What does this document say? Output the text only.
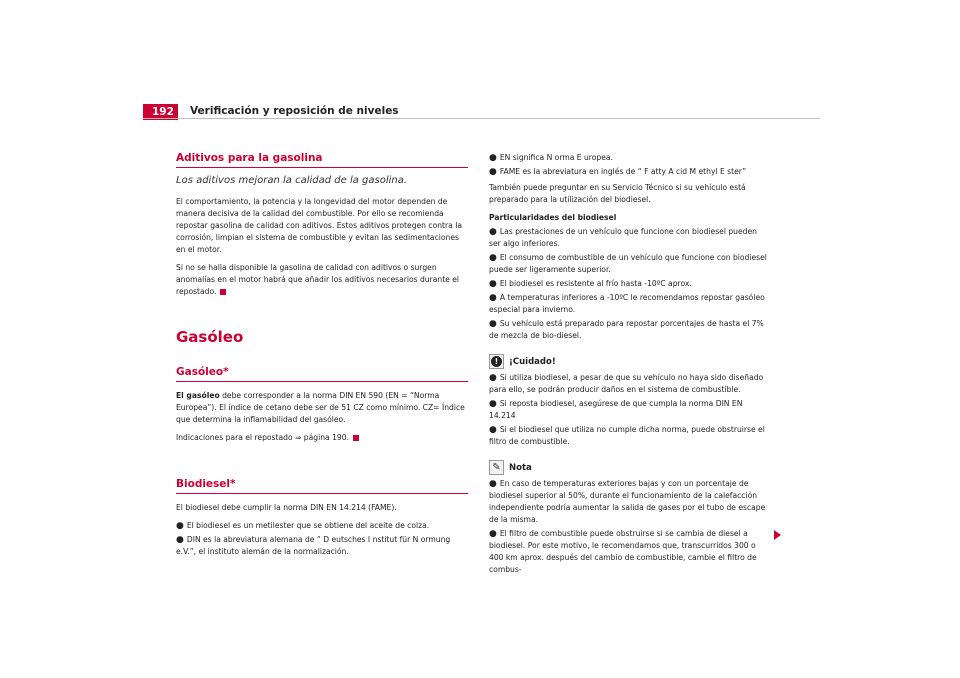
192	Verificación y reposición de niveles
Aditivos para la gasolina
Los aditivos mejoran la calidad de la gasolina.

El comportamiento, la potencia y la longevidad del motor dependen de manera decisiva de la calidad del combustible. Por ello se recomienda repostar gasolina de calidad con aditivos. Estos aditivos protegen contra la corrosión, limpian el sistema de combustible y evitan las sedimentaciones en el motor.

Si no se halla disponible la gasolina de calidad con aditivos o surgen anomalías en el motor habrá que añadir los aditivos necesarios durante el repostado.

Gasóleo
Gasóleo*

El gasóleo debe corresponder a la norma DIN EN 590 (EN = “Norma Europea”). El índice de cetano debe ser de 51 CZ como mínimo. CZ= Índice que determina la inflamabilidad del gasóleo.

Indicaciones para el repostado ⇒ página 190.

Biodiesel*

El biodiesel debe cumplir la norma DIN EN 14.214 (FAME).

● El biodiesel es un metilester que se obtiene del aceite de colza.
● DIN es la abreviatura alemana de “ D eutsches I nstitut für N ormung e.V.”, el instituto alemán de la normalización.
● EN significa N orma E uropea.
● FAME es la abreviatura en inglés de “ F atty A cid M ethyl E ster”

También puede preguntar en su Servicio Técnico si su vehículo está preparado para la utilización del biodiesel.

Particularidades del biodiesel
● Las prestaciones de un vehículo que funcione con biodiesel pueden ser algo inferiores.
● El consumo de combustible de un vehículo que funcione con biodiesel puede ser ligeramente superior.
● El biodiesel es resistente al frío hasta -10ºC aprox.
● A temperaturas inferiores a -10ºC le recomendamos repostar gasóleo especial para invierno.
● Su vehículo está preparado para repostar porcentajes de hasta el 7% de mezcla de bio-diesel.
!	¡Cuidado!
● Si utiliza biodiesel, a pesar de que su vehículo no haya sido diseñado para ello, se podrán producir daños en el sistema de combustible.
● Si reposta biodiesel, asegúrese de que cumpla la norma DIN EN 14.214
● Si el biodiesel que utiliza no cumple dicha norma, puede obstruirse el filtro de combustible.
✎ Nota
● En caso de temperaturas exteriores bajas y con un porcentaje de biodiesel superior al 50%, durante el funcionamiento de la calefacción independiente podría aumentar la salida de gases por el tubo de escape de la misma.
● El filtro de combustible puede obstruirse si se cambia de diesel a biodiesel. Por este motivo, le recomendamos que, transcurridos 300 o 400 km aprox. después del cambio de combustible, cambie el filtro de combus-
